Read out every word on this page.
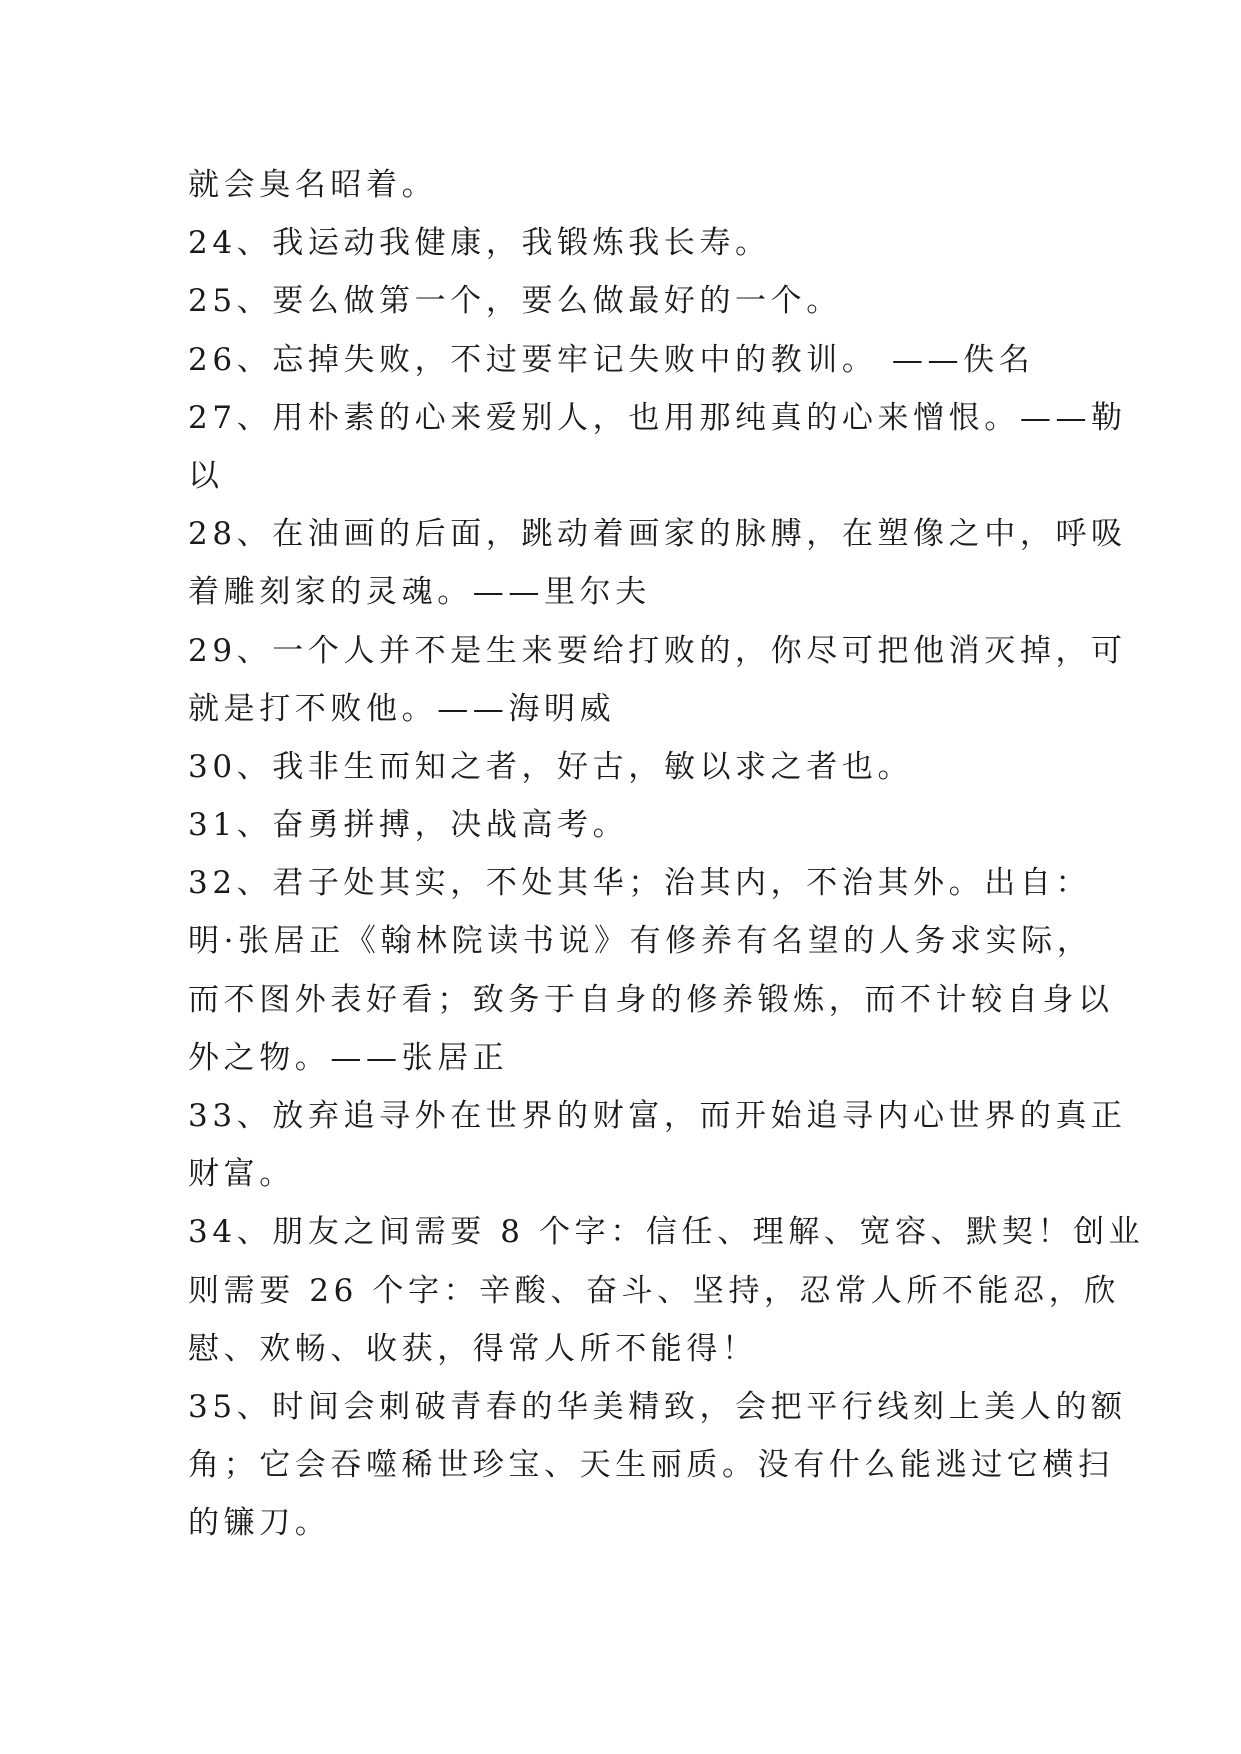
就会臭名昭着。
24、我运动我健康，我锻炼我长寿。
25、要么做第一个，要么做最好的一个。
26、忘掉失败，不过要牢记失败中的教训。 ——佚名
27、用朴素的心来爱别人，也用那纯真的心来憎恨。——勒
以
28、在油画的后面，跳动着画家的脉膊，在塑像之中，呼吸
着雕刻家的灵魂。——里尔夫
29、一个人并不是生来要给打败的，你尽可把他消灭掉，可
就是打不败他。——海明威
30、我非生而知之者，好古，敏以求之者也。
31、奋勇拼搏，决战高考。
32、君子处其实，不处其华；治其内，不治其外。出自：
明·张居正《翰林院读书说》有修养有名望的人务求实际，
而不图外表好看；致务于自身的修养锻炼，而不计较自身以
外之物。——张居正
33、放弃追寻外在世界的财富，而开始追寻内心世界的真正
财富。
34、朋友之间需要 8 个字：信任、理解、宽容、默契！创业
则需要 26 个字：辛酸、奋斗、坚持，忍常人所不能忍，欣
慰、欢畅、收获，得常人所不能得！
35、时间会刺破青春的华美精致，会把平行线刻上美人的额
角；它会吞噬稀世珍宝、天生丽质。没有什么能逃过它横扫
的镰刀。
